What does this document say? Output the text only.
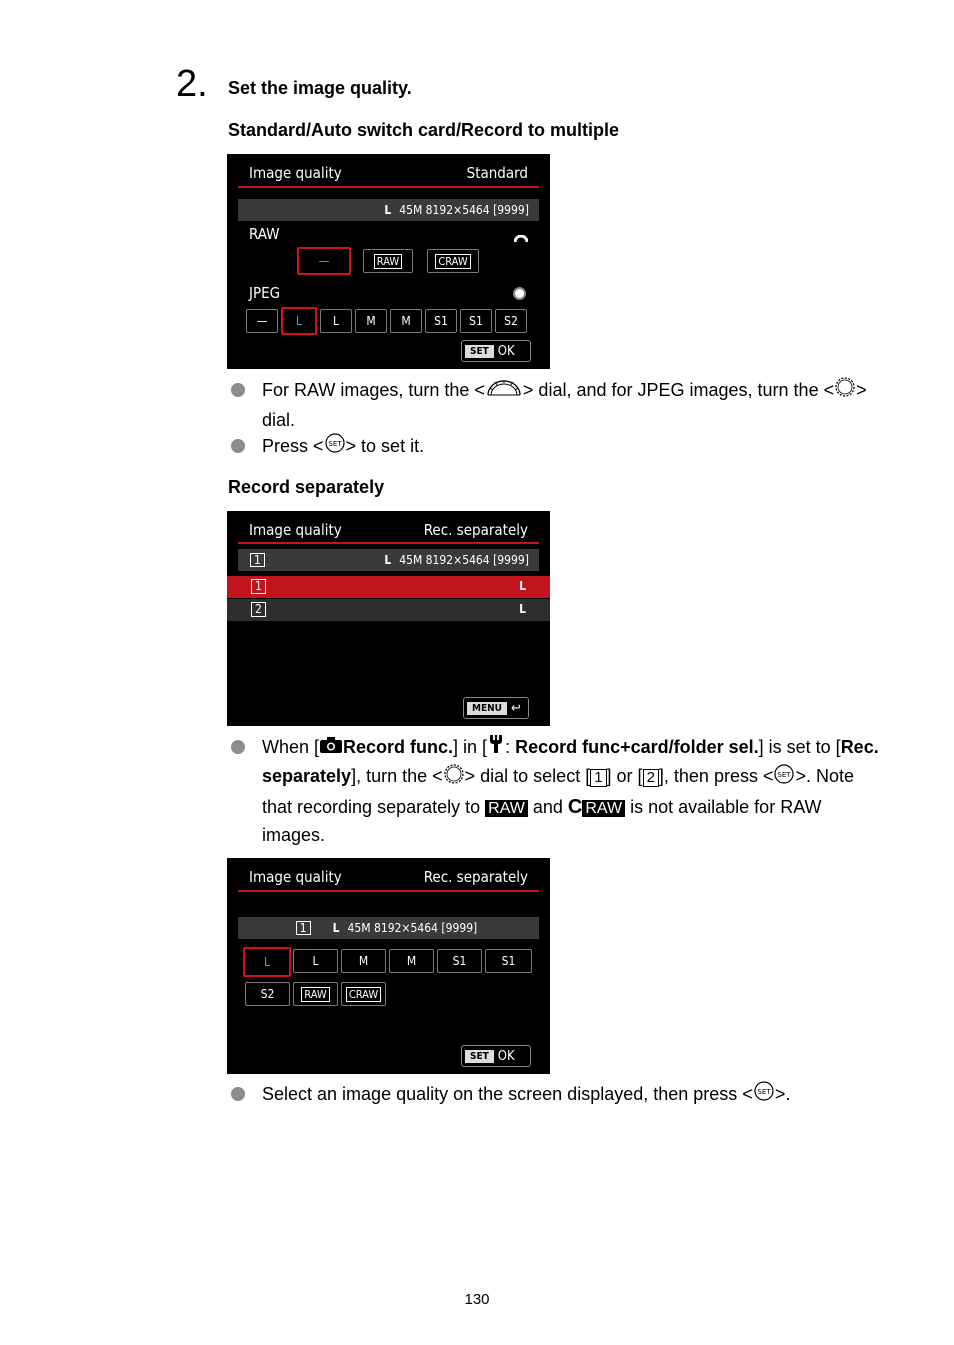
2. Set the image quality.
Standard/Auto switch card/Record to multiple
Image quality	Standard
L 45M 8192×5464 [9999]
RAW
—	RAW	CRAW
JPEG
— L	L M M S1 S1 S2
SET OK
For RAW images, turn the < > dial, and for JPEG images, turn the < > dial.
Press < SET > to set it.
Record separately
Image quality	Rec. separately
1	L 45M 8192×5464 [9999]
1	L
2	L
MENU ↩
When [ Record func.] in [ : Record func+card/folder sel.] is set to [Rec. separately], turn the < > dial to select [ 1 ] or [ 2 ], then press < SET >. Note that recording separately to RAW and C RAW is not available for RAW images.
Image quality	Rec. separately
1	L 45M 8192×5464 [9999]
L	L	M	M	S1	S1
S2	RAW CRAW
SET OK
Select an image quality on the screen displayed, then press < SET >.
130
